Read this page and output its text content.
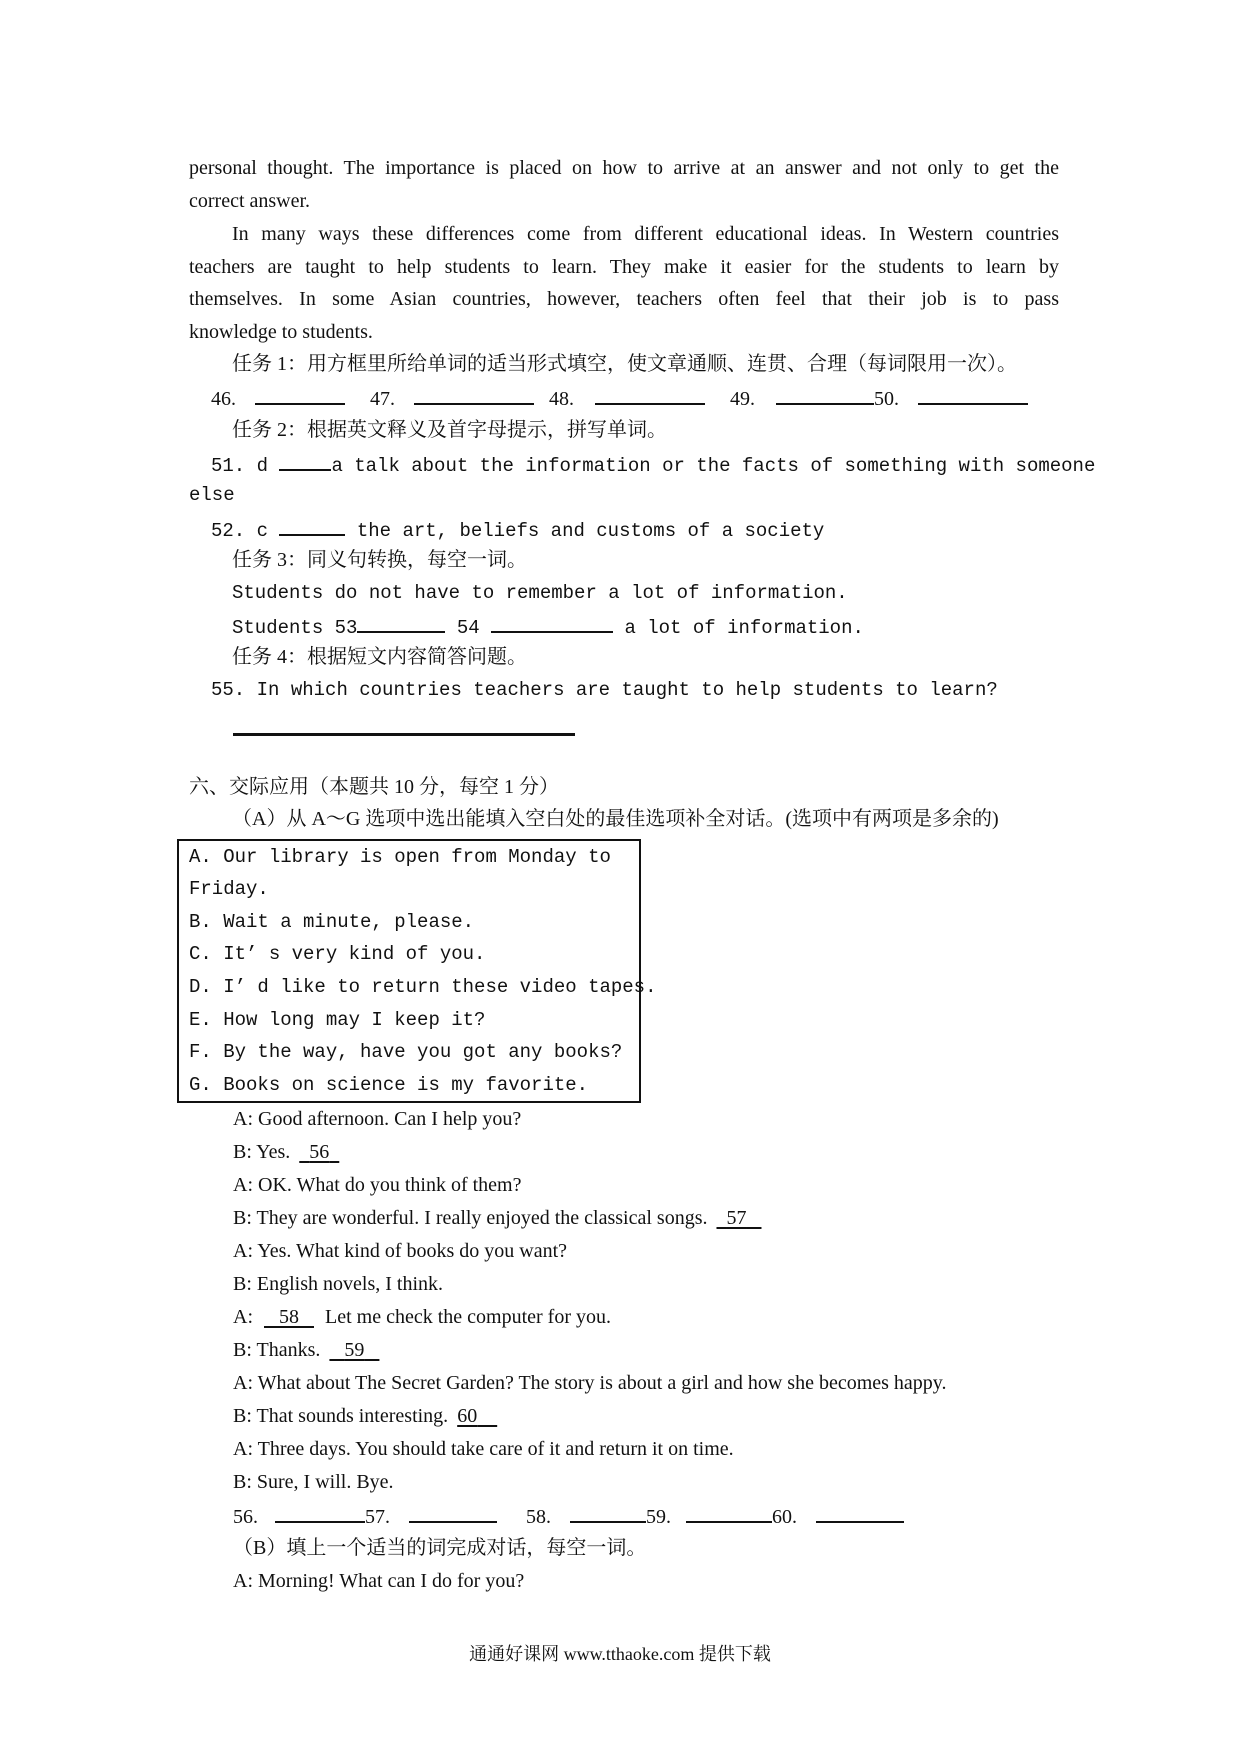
personal thought. The importance is placed on how to arrive at an answer and not only to get the
correct answer.
In many ways these differences come from different educational ideas. In Western countries
teachers are taught to help students to learn. They make it easier for the students to learn by
themselves. In some Asian countries, however, teachers often feel that their job is to pass
knowledge to students.
任务 1：用方框里所给单词的适当形式填空，使文章通顺、连贯、合理（每词限用一次）。
46.	47.	48.	49.	50.
任务 2：根据英文释义及首字母提示，拼写单词。
51. d	a talk about the information or the facts of something with someone
else
52. c	the art, beliefs and customs of a society
任务 3：同义句转换，每空一词。
Students do not have to remember a lot of information.
Students 53	54	a lot of information.
任务 4：根据短文内容简答问题。
55. In which countries teachers are taught to help students to learn?
六、交际应用（本题共 10 分，每空 1 分）
（A）从 A～G 选项中选出能填入空白处的最佳选项补全对话。(选项中有两项是多余的)
A. Our library is open from Monday to
Friday.
B. Wait a minute, please.
C. It’ s very kind of you.
D. I’ d like to return these video tapes.
E. How long may I keep it?
F. By the way, have you got any books?
G. Books on science is my favorite.
A: Good afternoon. Can I help you?
B: Yes. 56
A: OK. What do you think of them?
B: They are wonderful. I really enjoyed the classical songs. 57
A: Yes. What kind of books do you want?
B: English novels, I think.
A: 58 Let me check the computer for you.
B: Thanks. 59
A: What about The Secret Garden? The story is about a girl and how she becomes happy.
B: That sounds interesting. 60
A: Three days. You should take care of it and return it on time.
B: Sure, I will. Bye.
56.	57.	58.	59.	60.
（B）填上一个适当的词完成对话，每空一词。
A: Morning! What can I do for you?
通通好课网 www.tthaoke.com 提供下载
